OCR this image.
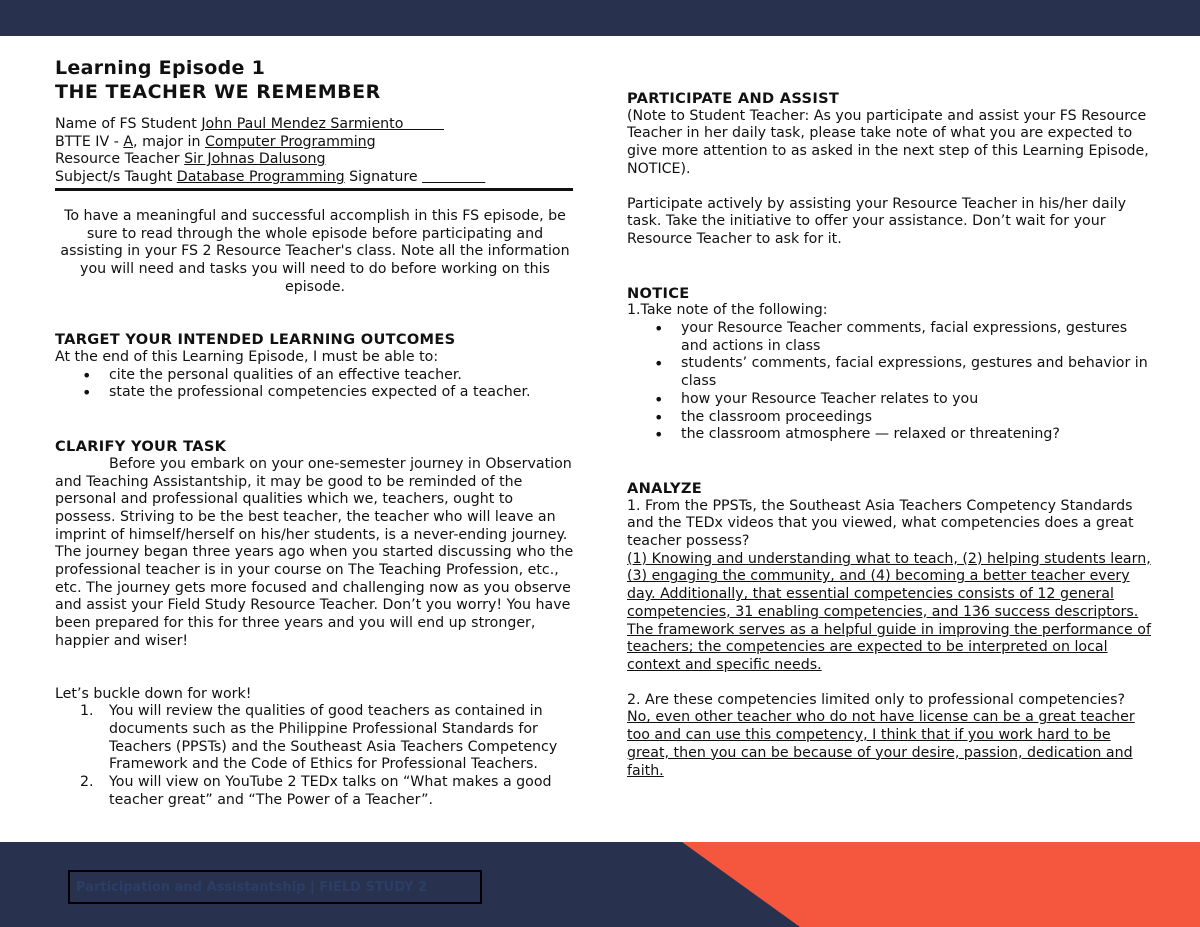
Learning Episode 1
THE TEACHER WE REMEMBER

Name of FS Student John Paul Mendez Sarmiento

BTTE IV - A, major in Computer Programming

Resource Teacher Sir Johnas Dalusong

Subject/s Taught Database Programming Signature

To have a meaningful and successful accomplish in this FS episode, be sure to read through the whole episode before participating and assisting in your FS 2 Resource Teacher's class. Note all the information you will need and tasks you will need to do before working on this episode.

TARGET YOUR INTENDED LEARNING OUTCOMES

At the end of this Learning Episode, I must be able to:

• cite the personal qualities of an effective teacher.
• state the professional competencies expected of a teacher.

CLARIFY YOUR TASK

Before you embark on your one-semester journey in Observation and Teaching Assistantship, it may be good to be reminded of the personal and professional qualities which we, teachers, ought to possess. Striving to be the best teacher, the teacher who will leave an imprint of himself/herself on his/her students, is a never-ending journey. The journey began three years ago when you started discussing who the professional teacher is in your course on The Teaching Profession, etc., etc. The journey gets more focused and challenging now as you observe and assist your Field Study Resource Teacher. Don’t you worry! You have been prepared for this for three years and you will end up stronger, happier and wiser!

Let’s buckle down for work!

1. You will review the qualities of good teachers as contained in documents such as the Philippine Professional Standards for Teachers (PPSTs) and the Southeast Asia Teachers Competency Framework and the Code of Ethics for Professional Teachers.
2. You will view on YouTube 2 TEDx talks on “What makes a good teacher great” and “The Power of a Teacher”.

PARTICIPATE AND ASSIST

(Note to Student Teacher: As you participate and assist your FS Resource Teacher in her daily task, please take note of what you are expected to give more attention to as asked in the next step of this Learning Episode, NOTICE).

Participate actively by assisting your Resource Teacher in his/her daily task. Take the initiative to offer your assistance. Don’t wait for your Resource Teacher to ask for it.

NOTICE

1.Take note of the following:

• your Resource Teacher comments, facial expressions, gestures and actions in class
• students’ comments, facial expressions, gestures and behavior in class
• how your Resource Teacher relates to you
• the classroom proceedings
• the classroom atmosphere — relaxed or threatening?

ANALYZE

1. From the PPSTs, the Southeast Asia Teachers Competency Standards and the TEDx videos that you viewed, what competencies does a great teacher possess?

(1) Knowing and understanding what to teach, (2) helping students learn, (3) engaging the community, and (4) becoming a better teacher every day. Additionally, that essential competencies consists of 12 general competencies, 31 enabling competencies, and 136 success descriptors. The framework serves as a helpful guide in improving the performance of teachers; the competencies are expected to be interpreted on local context and specific needs.

2. Are these competencies limited only to professional competencies?

No, even other teacher who do not have license can be a great teacher too and can use this competency, I think that if you work hard to be great, then you can be because of your desire, passion, dedication and faith.

Participation and Assistantship | FIELD STUDY 2
